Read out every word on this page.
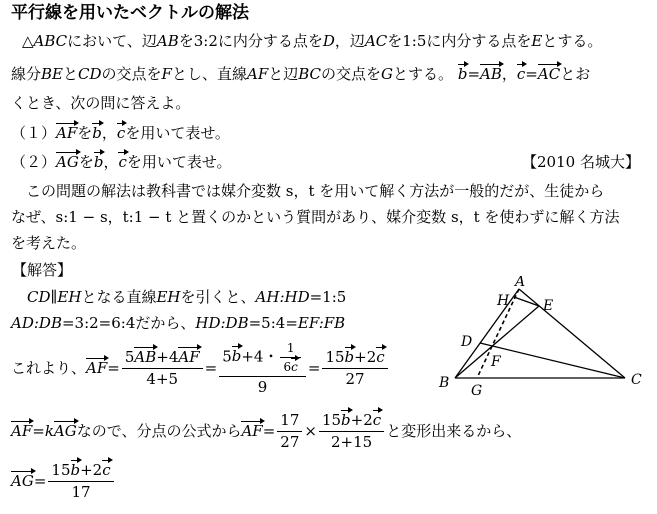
平行線を用いたベクトルの解法
△ABCにおいて、辺ABを3:2に内分する点をD，辺ACを1:5に内分する点をEとする。
線分BEとCDの交点をFとし、直線AFと辺BCの交点をGとする。 b=AB，c=ACとお
くとき、次の問に答えよ。
（１）AFをb，cを用いて表せ。
（２）AGをb，cを用いて表せ。	【2010 名城大】
この問題の解法は教科書では媒介変数 s，t を用いて解く方法が一般的だが、生徒から
なぜ、s:1 − s，t:1 − t と置くのかという質問があり、媒介変数 s，t を使わずに解く方法
を考えた。
【解答】
CD∥EHとなる直線EHを引くと、AH:HD=1:5
AD:DB=3:2=6:4だから、HD:DB=5:4=EF:FB
これより、 AF = $\frac{5AB+4AF}{4+5} = \frac{5b+4・ \frac{1}{6c}}{9} = \frac{15b+2c}{27}$
AF = k AG なので、分点の公式から AF = $\frac{17}{27} \times \frac{15b+2c}{2+15}$ と変形出来るから、
AG = $\frac{15b+2c}{17}$
A
B	C
D
E
F
G
H
